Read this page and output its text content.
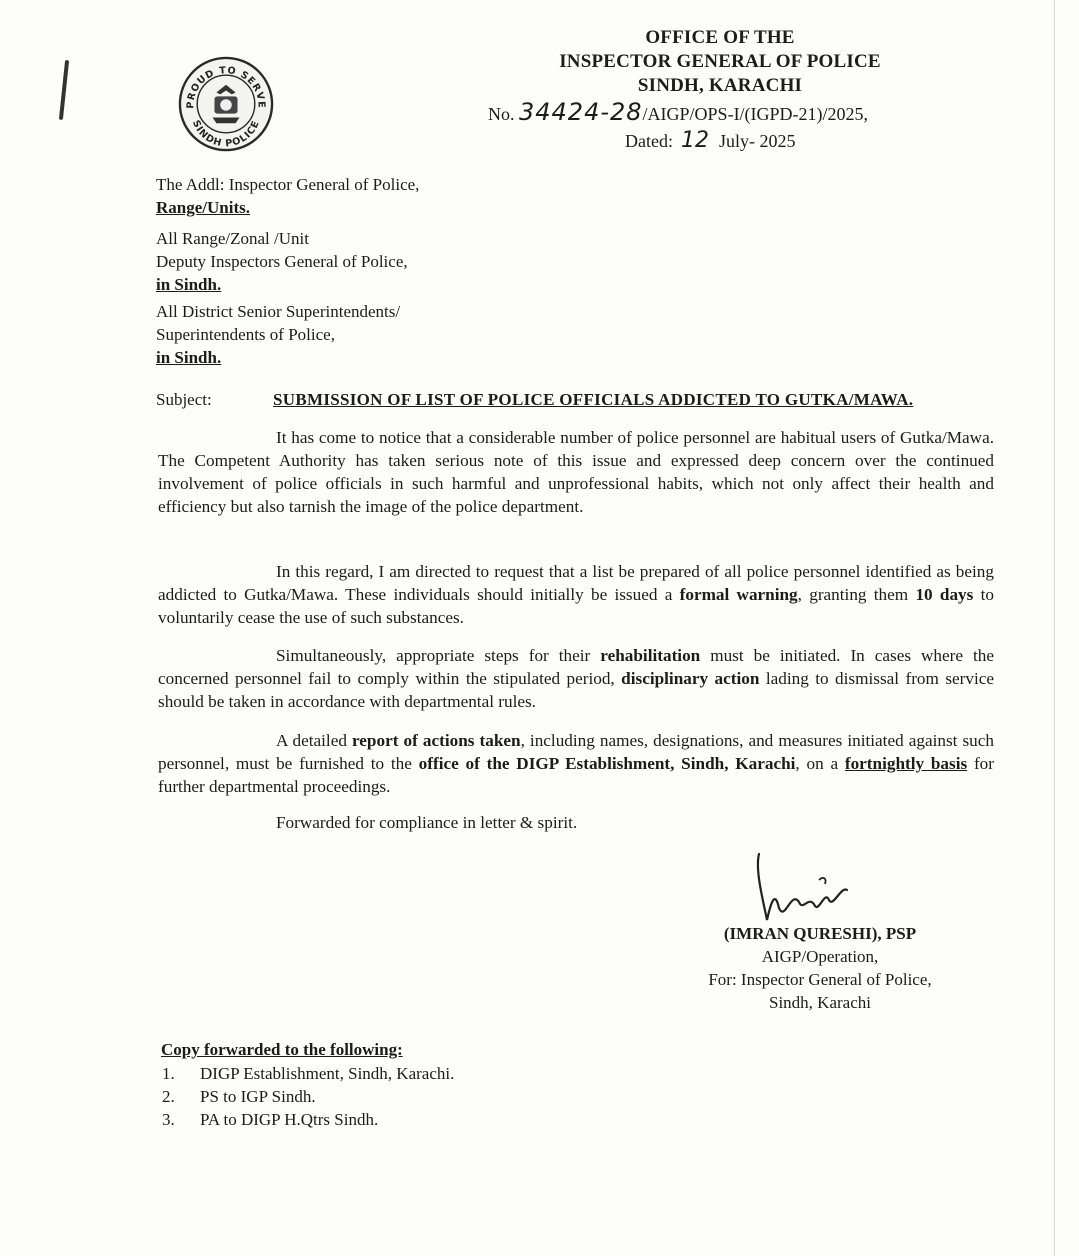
PROUD TO SERVE
SINDH POLICE
OFFICE OF THE
INSPECTOR GENERAL OF POLICE
SINDH, KARACHI
No. 34424-28/AIGP/OPS-I/(IGPD-21)/2025,
Dated: 12 July- 2025
The Addl: Inspector General of Police,
Range/Units.
All Range/Zonal /Unit
Deputy Inspectors General of Police,
in Sindh.
All District Senior Superintendents/
Superintendents of Police,
in Sindh.
Subject:	SUBMISSION OF LIST OF POLICE OFFICIALS ADDICTED TO GUTKA/MAWA.
It has come to notice that a considerable number of police personnel are habitual users of Gutka/Mawa. The Competent Authority has taken serious note of this issue and expressed deep concern over the continued involvement of police officials in such harmful and unprofessional habits, which not only affect their health and efficiency but also tarnish the image of the police department.
In this regard, I am directed to request that a list be prepared of all police personnel identified as being addicted to Gutka/Mawa. These individuals should initially be issued a formal warning, granting them 10 days to voluntarily cease the use of such substances.
Simultaneously, appropriate steps for their rehabilitation must be initiated. In cases where the concerned personnel fail to comply within the stipulated period, disciplinary action lading to dismissal from service should be taken in accordance with departmental rules.
A detailed report of actions taken, including names, designations, and measures initiated against such personnel, must be furnished to the office of the DIGP Establishment, Sindh, Karachi, on a fortnightly basis for further departmental proceedings.
Forwarded for compliance in letter & spirit.
(IMRAN QURESHI), PSP
AIGP/Operation,
For: Inspector General of Police,
Sindh, Karachi
Copy forwarded to the following:
1. DIGP Establishment, Sindh, Karachi.
2. PS to IGP Sindh.
3. PA to DIGP H.Qtrs Sindh.
